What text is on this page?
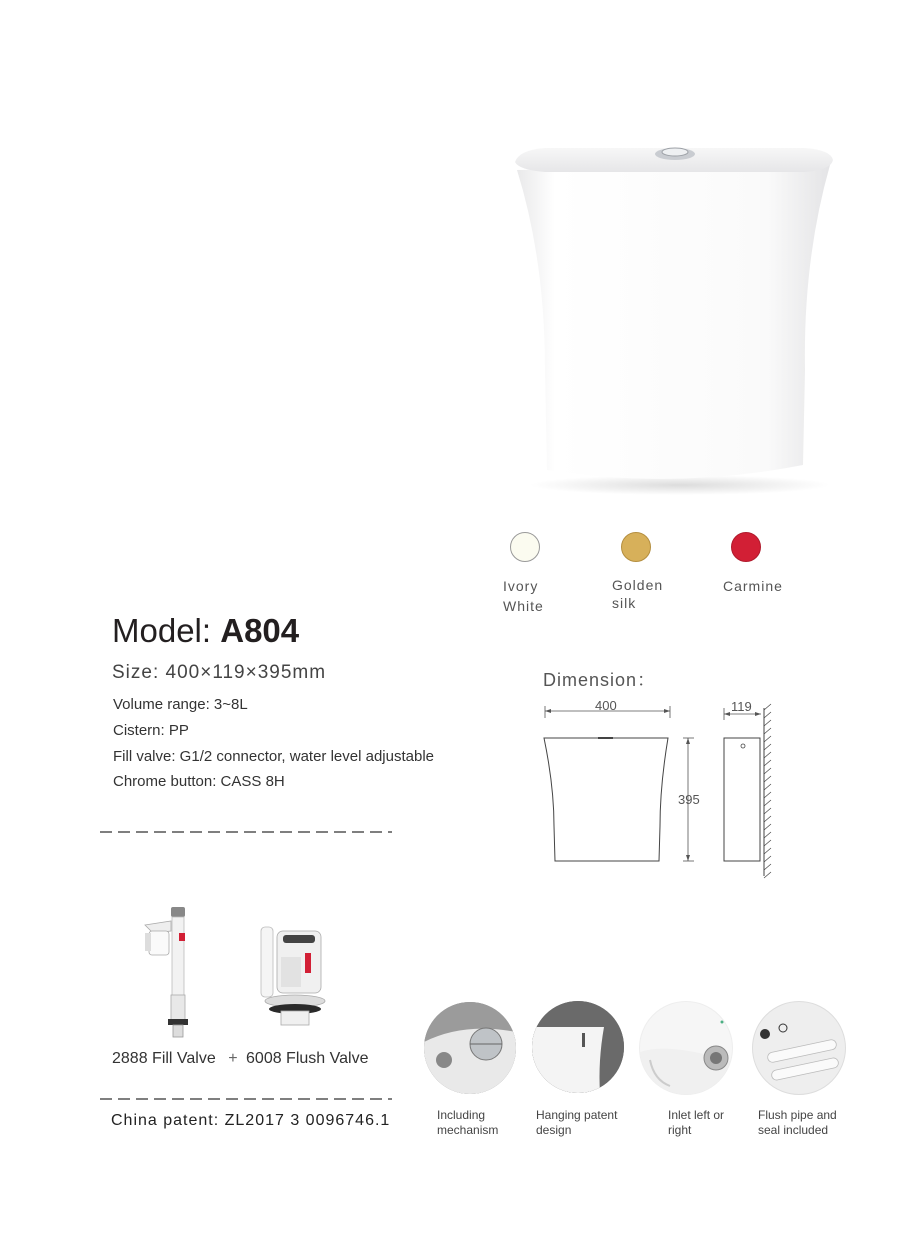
Ivory
White
Golden
silk
Carmine
Model: A804
Size: 400×119×395mm
Volume range: 3~8L
Cistern: PP
Fill valve: G1/2 connector, water level adjustable
Chrome button: CASS 8H
Dimension：
400
395
119
2888 Fill Valve + 6008 Flush Valve
China patent: ZL2017 3 0096746.1	Including
mechanism
Hanging patent
design
Inlet left or
right
Flush pipe and
seal included
